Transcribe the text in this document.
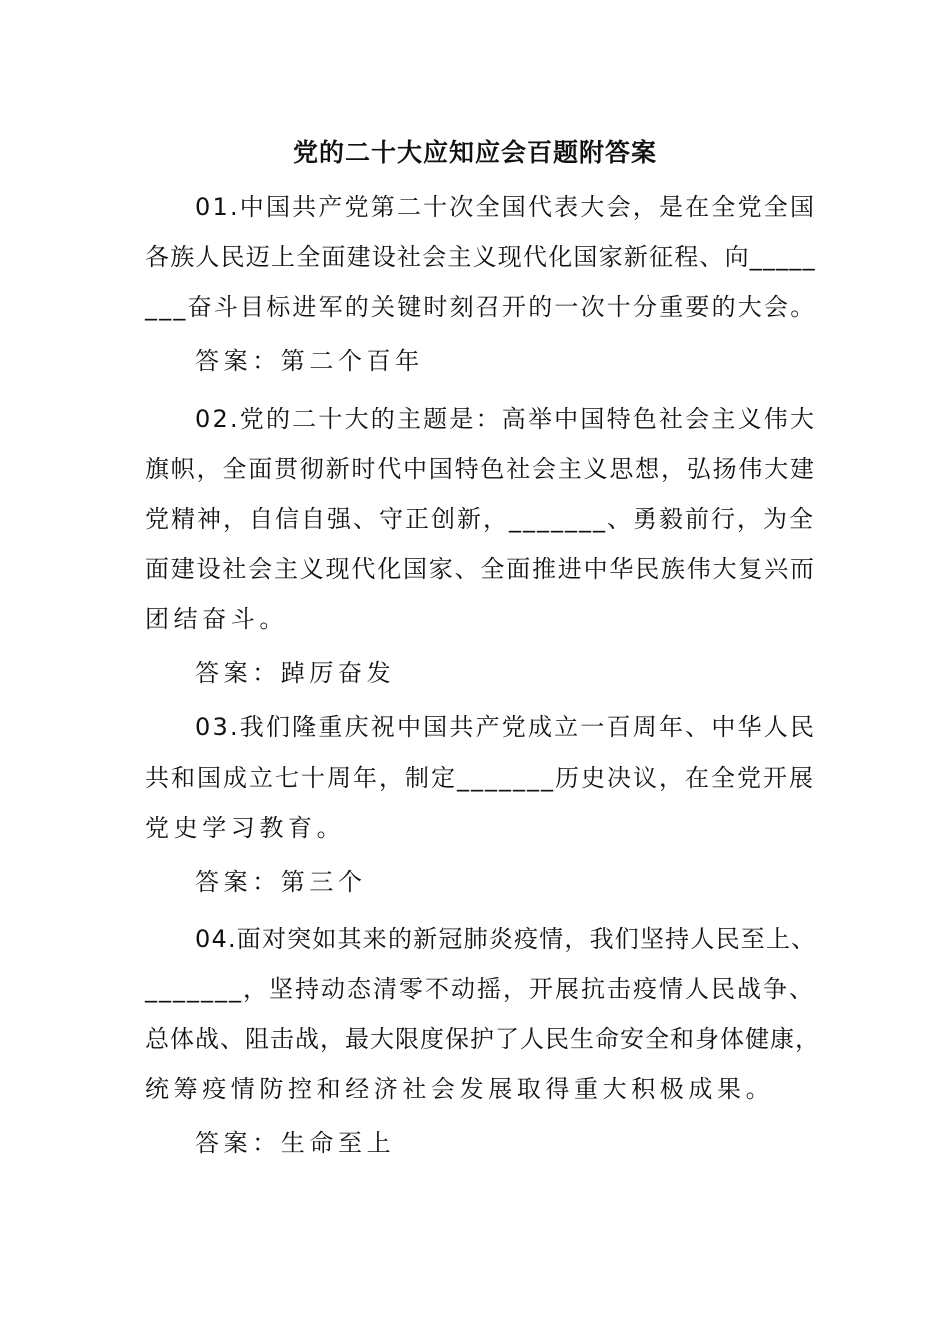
党的二十大应知应会百题附答案

01.中国共产党第二十次全国代表大会，是在全党全国

各族人民迈上全面建设社会主义现代化国家新征程、向_____

___奋斗目标进军的关键时刻召开的一次十分重要的大会。

答案：第二个百年

02.党的二十大的主题是：高举中国特色社会主义伟大

旗帜，全面贯彻新时代中国特色社会主义思想，弘扬伟大建

党精神，自信自强、守正创新，_______、勇毅前行，为全

面建设社会主义现代化国家、全面推进中华民族伟大复兴而

团结奋斗。

答案：踔厉奋发

03.我们隆重庆祝中国共产党成立一百周年、中华人民

共和国成立七十周年，制定_______历史决议，在全党开展

党史学习教育。

答案：第三个

04.面对突如其来的新冠肺炎疫情，我们坚持人民至上、

_______，坚持动态清零不动摇，开展抗击疫情人民战争、

总体战、阻击战，最大限度保护了人民生命安全和身体健康，

统筹疫情防控和经济社会发展取得重大积极成果。

答案：生命至上
